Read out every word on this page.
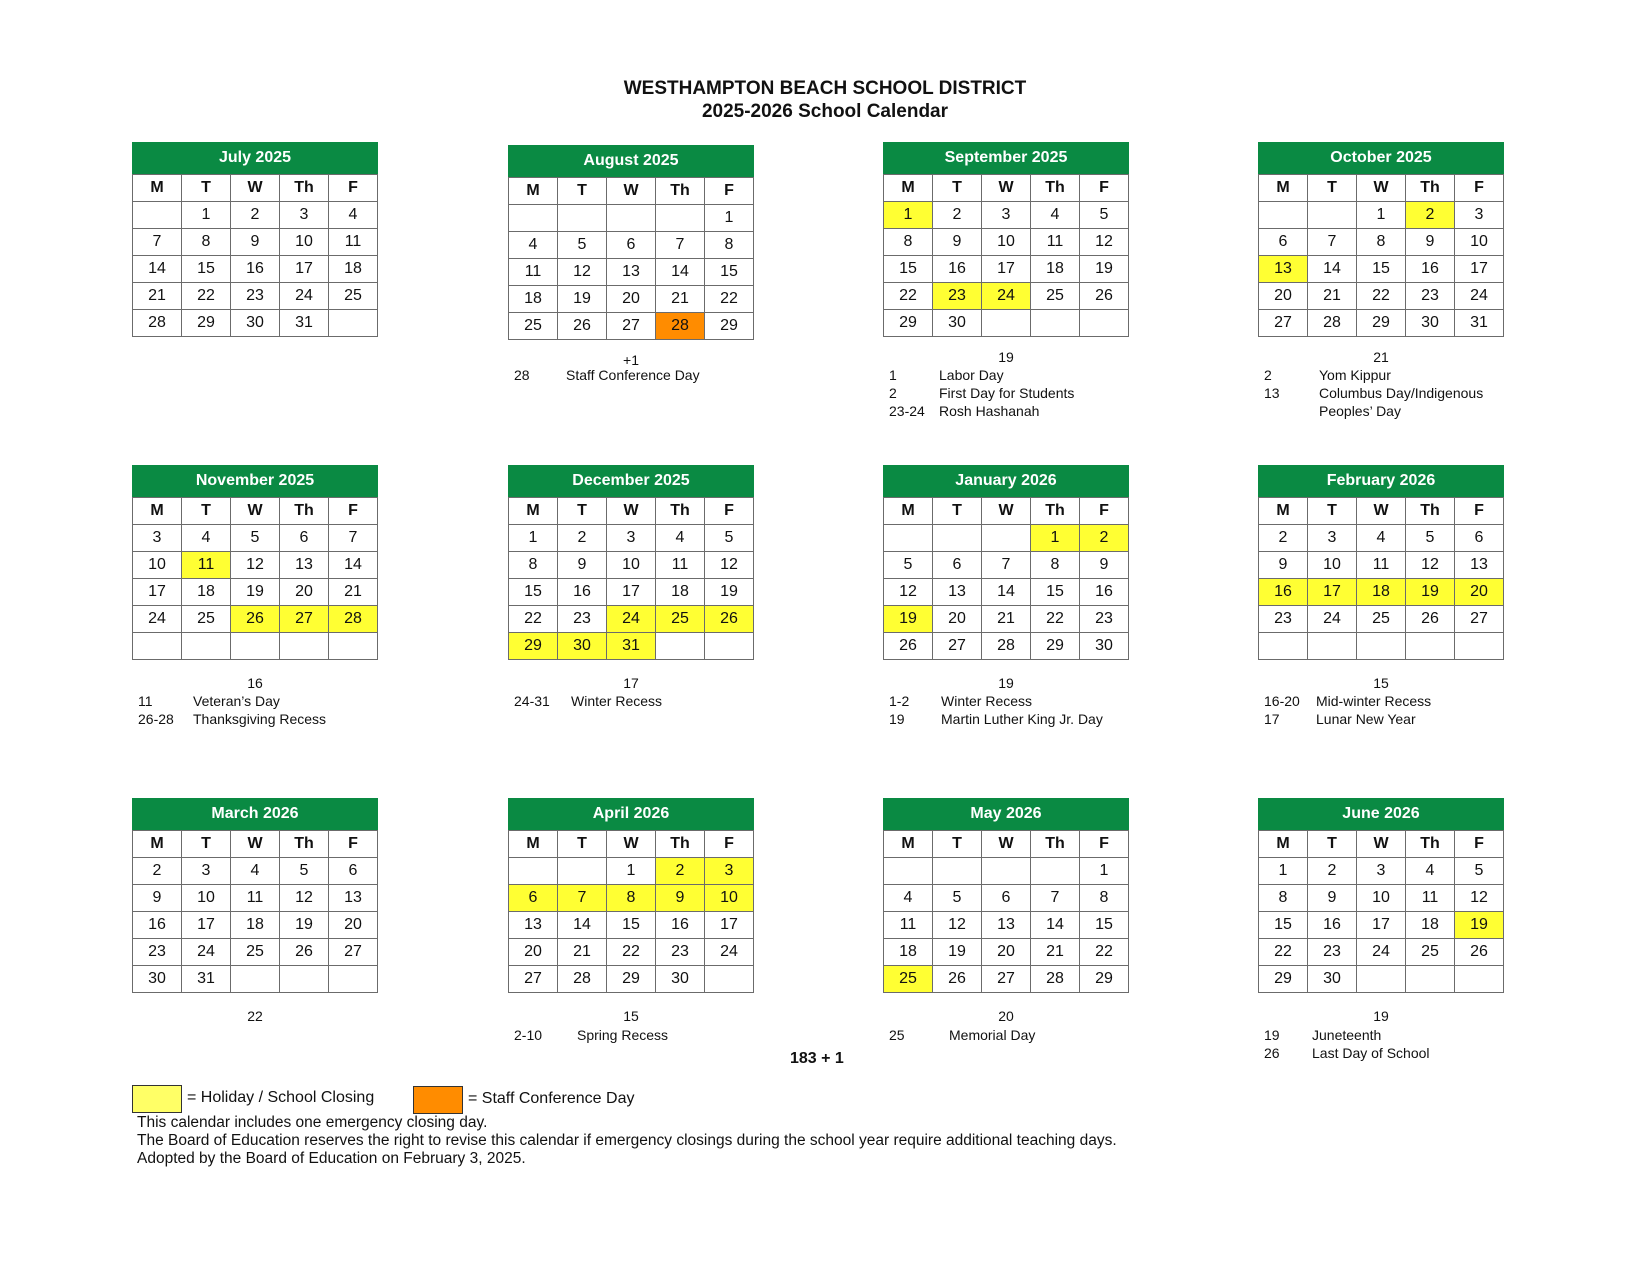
WESTHAMPTON BEACH SCHOOL DISTRICT
2025-2026 School Calendar
July 2025
M	T	W	Th	F
	1	2	3	4
7	8	9	10	11
14	15	16	17	18
21	22	23	24	25
28	29	30	31	
August 2025
M	T	W	Th	F
				1
4	5	6	7	8
11	12	13	14	15
18	19	20	21	22
25	26	27	28	29
+1
28	Staff Conference Day
September 2025
M	T	W	Th	F
1	2	3	4	5
8	9	10	11	12
15	16	17	18	19
22	23	24	25	26
29	30			
19
1	Labor Day
2	First Day for Students
23-24	Rosh Hashanah
October 2025
M	T	W	Th	F
		1	2	3
6	7	8	9	10
13	14	15	16	17
20	21	22	23	24
27	28	29	30	31
21
2	Yom Kippur
13	Columbus Day/Indigenous
Peoples’ Day
November 2025
M	T	W	Th	F
3	4	5	6	7
10	11	12	13	14
17	18	19	20	21
24	25	26	27	28

16
11	Veteran’s Day
26-28	Thanksgiving Recess
December 2025
M	T	W	Th	F
1	2	3	4	5
8	9	10	11	12
15	16	17	18	19
22	23	24	25	26
29	30	31		
17
24-31	Winter Recess
January 2026
M	T	W	Th	F
			1	2
5	6	7	8	9
12	13	14	15	16
19	20	21	22	23
26	27	28	29	30
19
1-2	Winter Recess
19	Martin Luther King Jr. Day
February 2026
M	T	W	Th	F
2	3	4	5	6
9	10	11	12	13
16	17	18	19	20
23	24	25	26	27

15
16-20	Mid-winter Recess
17	Lunar New Year
March 2026
M	T	W	Th	F
2	3	4	5	6
9	10	11	12	13
16	17	18	19	20
23	24	25	26	27
30	31			
22
April 2026
M	T	W	Th	F
		1	2	3
6	7	8	9	10
13	14	15	16	17
20	21	22	23	24
27	28	29	30	
15
2-10	Spring Recess
May 2026
M	T	W	Th	F
				1
4	5	6	7	8
11	12	13	14	15
18	19	20	21	22
25	26	27	28	29
20
25	Memorial Day
June 2026
M	T	W	Th	F
1	2	3	4	5
8	9	10	11	12
15	16	17	18	19
22	23	24	25	26
29	30			
19
19	Juneteenth
26	Last Day of School
183 + 1
= Holiday / School Closing	= Staff Conference Day
This calendar includes one emergency closing day.
The Board of Education reserves the right to revise this calendar if emergency closings during the school year require additional teaching days.
Adopted by the Board of Education on February 3, 2025.
